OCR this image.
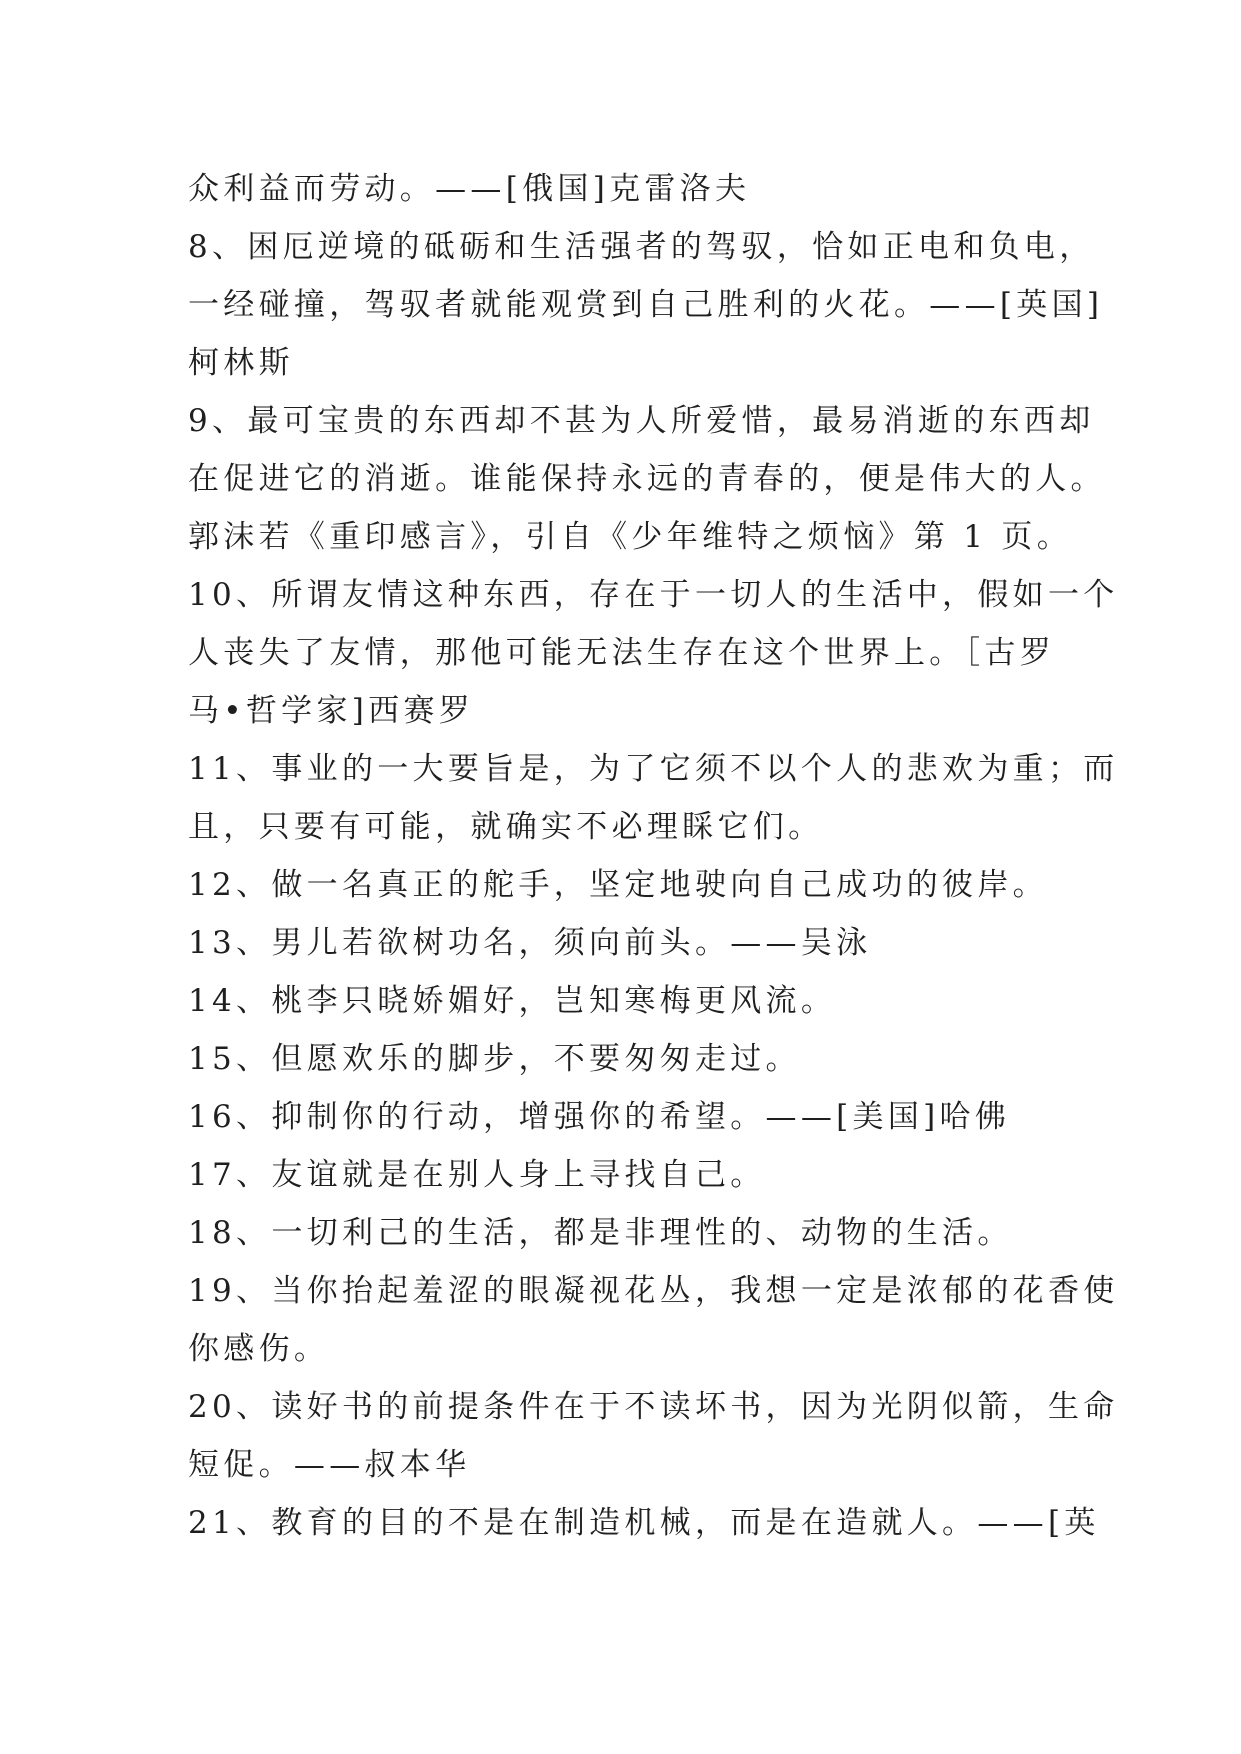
众利益而劳动。——[俄国]克雷洛夫
8、困厄逆境的砥砺和生活强者的驾驭，恰如正电和负电，
一经碰撞，驾驭者就能观赏到自己胜利的火花。——[英国]
柯林斯
9、最可宝贵的东西却不甚为人所爱惜，最易消逝的东西却
在促进它的消逝。谁能保持永远的青春的，便是伟大的人。
郭沫若《重印感言》，引自《少年维特之烦恼》第 1 页。
10、所谓友情这种东西，存在于一切人的生活中，假如一个
人丧失了友情，那他可能无法生存在这个世界上。［古罗
马•哲学家]西赛罗
11、事业的一大要旨是，为了它须不以个人的悲欢为重；而
且，只要有可能，就确实不必理睬它们。
12、做一名真正的舵手，坚定地驶向自己成功的彼岸。
13、男儿若欲树功名，须向前头。——吴泳
14、桃李只晓娇媚好，岂知寒梅更风流。
15、但愿欢乐的脚步，不要匆匆走过。
16、抑制你的行动，增强你的希望。——[美国]哈佛
17、友谊就是在别人身上寻找自己。
18、一切利己的生活，都是非理性的、动物的生活。
19、当你抬起羞涩的眼凝视花丛，我想一定是浓郁的花香使
你感伤。
20、读好书的前提条件在于不读坏书，因为光阴似箭，生命
短促。——叔本华
21、教育的目的不是在制造机械，而是在造就人。——[英
